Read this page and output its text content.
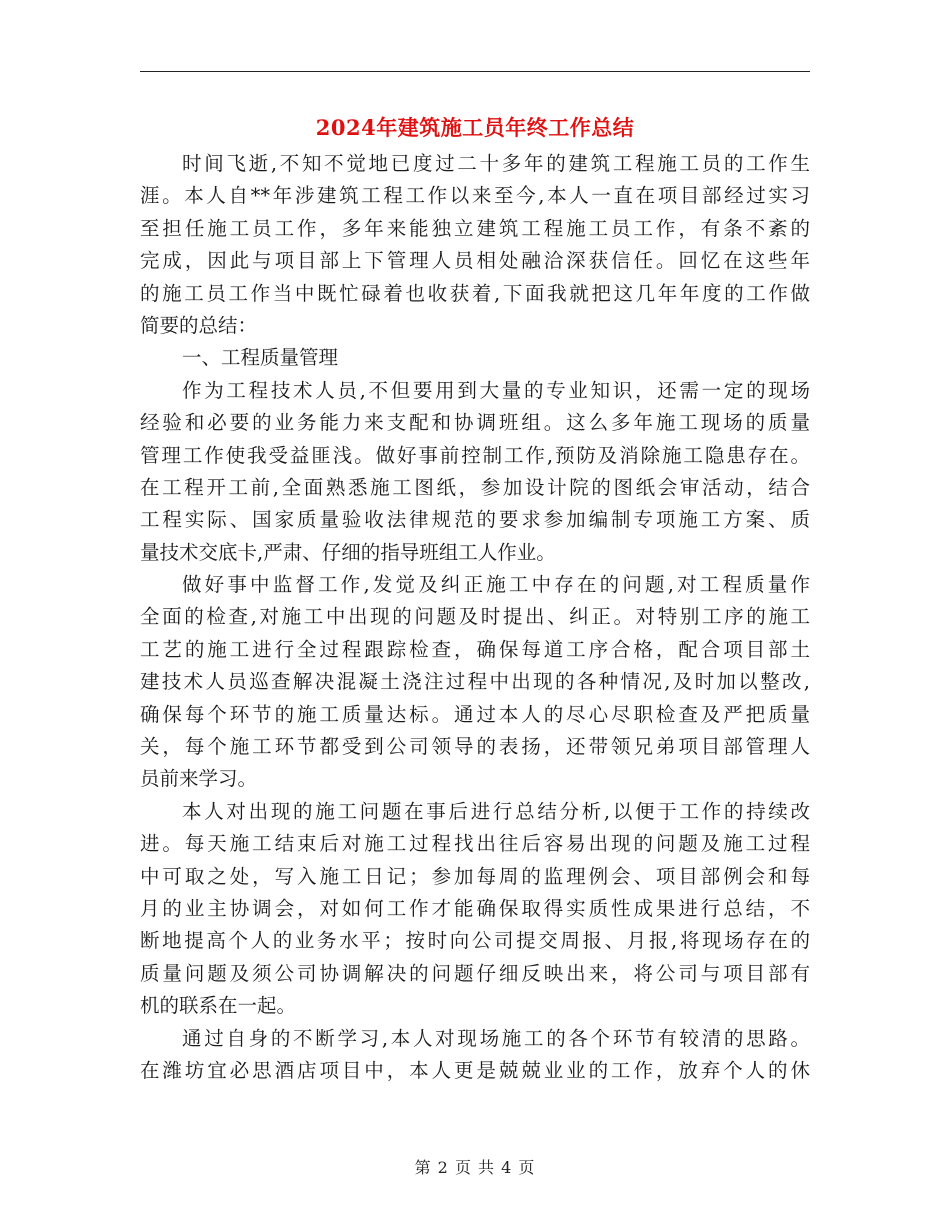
2024年建筑施工员年终工作总结
时间飞逝,不知不觉地已度过二十多年的建筑工程施工员的工作生
涯。本人自**年涉建筑工程工作以来至今,本人一直在项目部经过实习
至担任施工员工作，多年来能独立建筑工程施工员工作，有条不紊的
完成，因此与项目部上下管理人员相处融洽深获信任。回忆在这些年
的施工员工作当中既忙碌着也收获着,下面我就把这几年年度的工作做
简要的总结：
一、工程质量管理
作为工程技术人员,不但要用到大量的专业知识，还需一定的现场
经验和必要的业务能力来支配和协调班组。这么多年施工现场的质量
管理工作使我受益匪浅。做好事前控制工作,预防及消除施工隐患存在。
在工程开工前,全面熟悉施工图纸，参加设计院的图纸会审活动，结合
工程实际、国家质量验收法律规范的要求参加编制专项施工方案、质
量技术交底卡,严肃、仔细的指导班组工人作业。
做好事中监督工作,发觉及纠正施工中存在的问题,对工程质量作
全面的检查,对施工中出现的问题及时提出、纠正。对特别工序的施工
工艺的施工进行全过程跟踪检查，确保每道工序合格，配合项目部土
建技术人员巡查解决混凝土浇注过程中出现的各种情况,及时加以整改,
确保每个环节的施工质量达标。通过本人的尽心尽职检查及严把质量
关，每个施工环节都受到公司领导的表扬，还带领兄弟项目部管理人
员前来学习。
本人对出现的施工问题在事后进行总结分析,以便于工作的持续改
进。每天施工结束后对施工过程找出往后容易出现的问题及施工过程
中可取之处，写入施工日记；参加每周的监理例会、项目部例会和每
月的业主协调会，对如何工作才能确保取得实质性成果进行总结，不
断地提高个人的业务水平；按时向公司提交周报、月报,将现场存在的
质量问题及须公司协调解决的问题仔细反映出来，将公司与项目部有
机的联系在一起。
通过自身的不断学习,本人对现场施工的各个环节有较清的思路。
在潍坊宜必思酒店项目中，本人更是兢兢业业的工作，放弃个人的休
第 2 页 共 4 页
